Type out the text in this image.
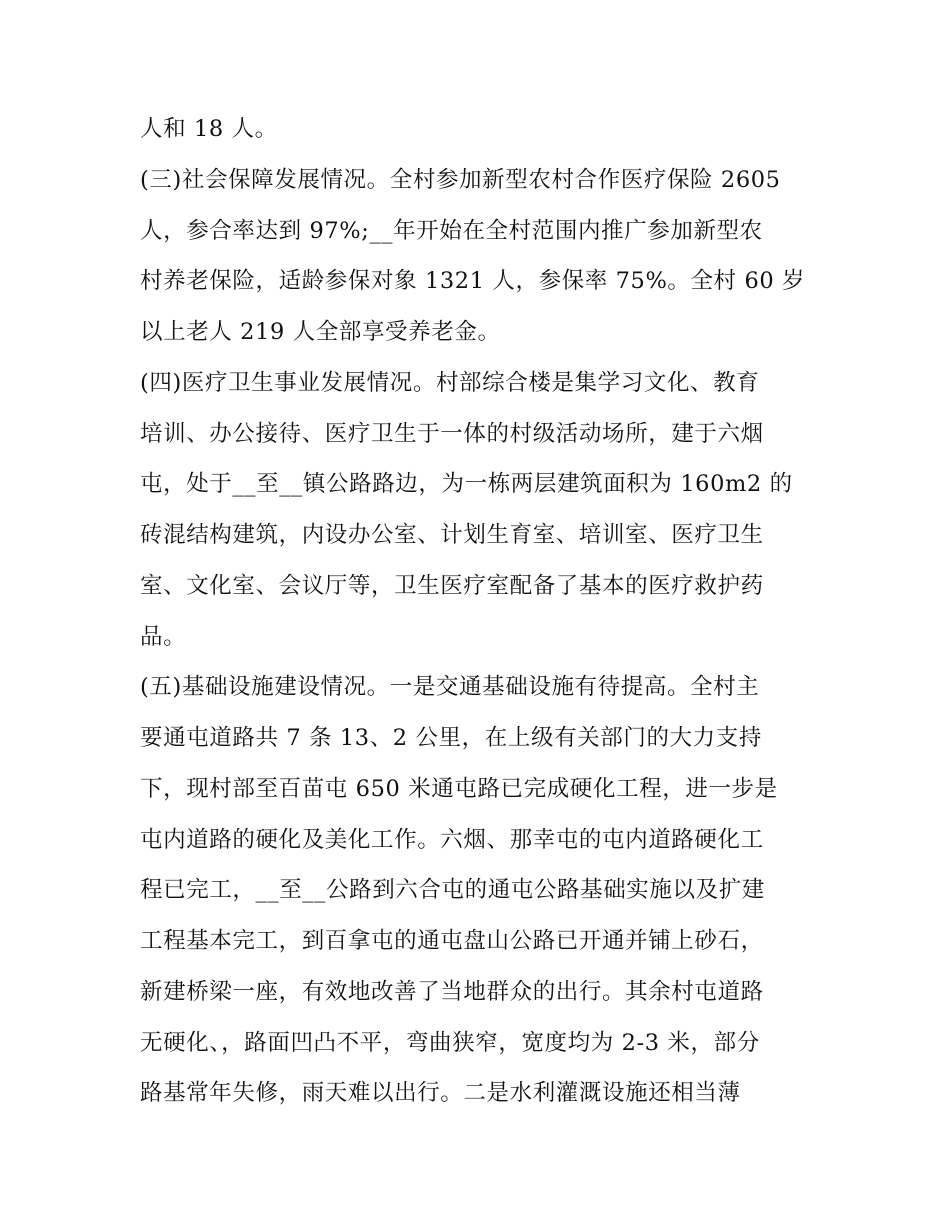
人和 18 人。
(三)社会保障发展情况。全村参加新型农村合作医疗保险 2605
人，参合率达到 97%;__年开始在全村范围内推广参加新型农
村养老保险，适龄参保对象 1321 人，参保率 75%。全村 60 岁
以上老人 219 人全部享受养老金。
(四)医疗卫生事业发展情况。村部综合楼是集学习文化、教育
培训、办公接待、医疗卫生于一体的村级活动场所，建于六烟
屯，处于__至__镇公路路边，为一栋两层建筑面积为 160m2 的
砖混结构建筑，内设办公室、计划生育室、培训室、医疗卫生
室、文化室、会议厅等，卫生医疗室配备了基本的医疗救护药
品。
(五)基础设施建设情况。一是交通基础设施有待提高。全村主
要通屯道路共 7 条 13、2 公里，在上级有关部门的大力支持
下，现村部至百苗屯 650 米通屯路已完成硬化工程，进一步是
屯内道路的硬化及美化工作。六烟、那幸屯的屯内道路硬化工
程已完工，__至__公路到六合屯的通屯公路基础实施以及扩建
工程基本完工，到百拿屯的通屯盘山公路已开通并铺上砂石，
新建桥梁一座，有效地改善了当地群众的出行。其余村屯道路
无硬化、，路面凹凸不平，弯曲狭窄，宽度均为 2-3 米，部分
路基常年失修，雨天难以出行。二是水利灌溉设施还相当薄
